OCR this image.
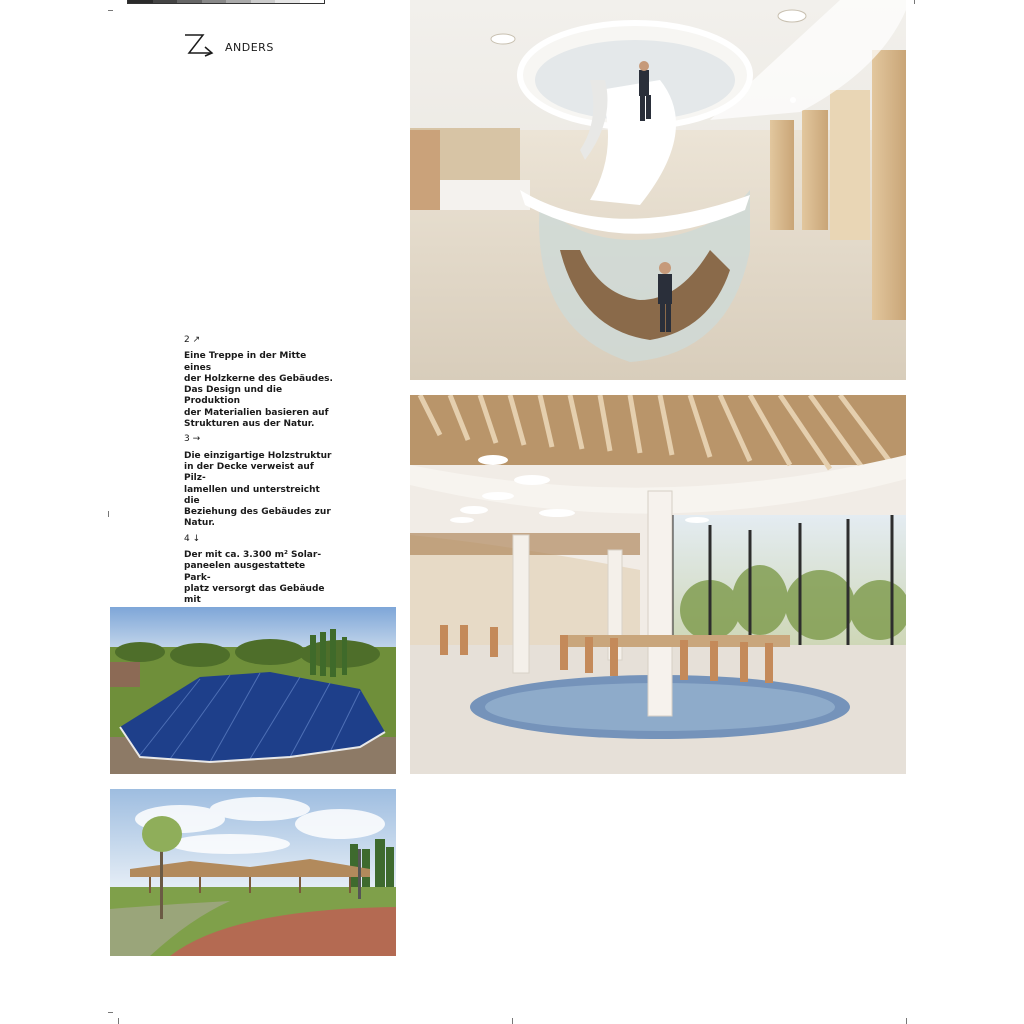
ANDERS
2 ↗
Eine Treppe in der Mitte eines
der Holzkerne des Gebäudes.
Das Design und die Produktion
der Materialien basieren auf
Strukturen aus der Natur.
3 →
Die einzigartige Holzstruktur
in der Decke verweist auf Pilz-
lamellen und unterstreicht die
Beziehung des Gebäudes zur
Natur.
4 ↓
Der mit ca. 3.300 m² Solar-
paneelen ausgestattete Park-
platz versorgt das Gebäude mit
